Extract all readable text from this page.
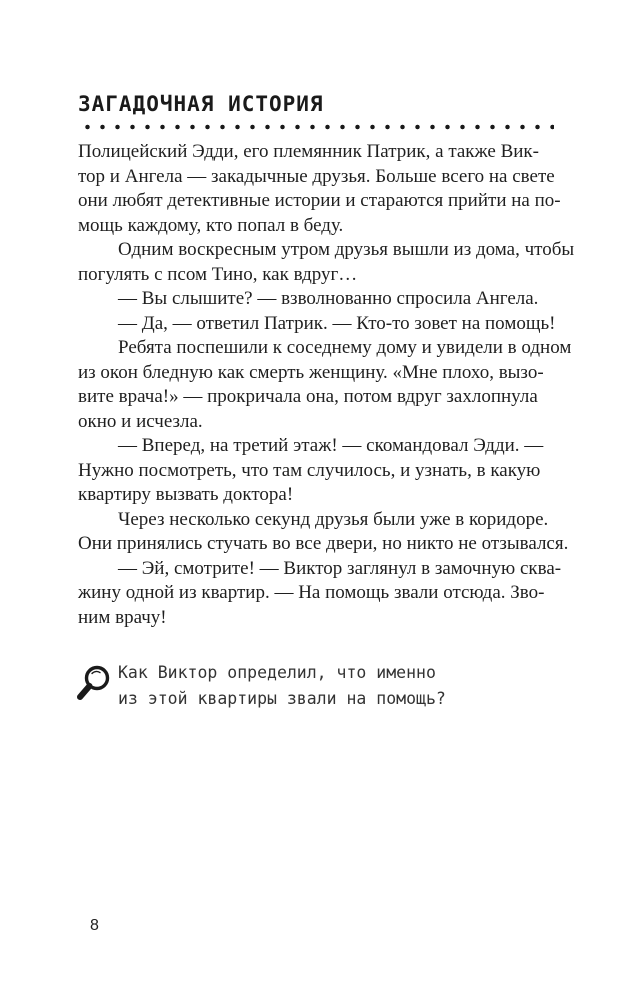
ЗАГАДОЧНАЯ ИСТОРИЯ
Полицейский Эдди, его племянник Патрик, а также Вик-
тор и Ангела — закадычные друзья. Больше всего на свете
они любят детективные истории и стараются прийти на по-
мощь каждому, кто попал в беду.
Одним воскресным утром друзья вышли из дома, чтобы
погулять с псом Тино, как вдруг…
— Вы слышите? — взволнованно спросила Ангела.
— Да, — ответил Патрик. — Кто-то зовет на помощь!
Ребята поспешили к соседнему дому и увидели в одном
из окон бледную как смерть женщину. «Мне плохо, вызо-
вите врача!» — прокричала она, потом вдруг захлопнула
окно и исчезла.
— Вперед, на третий этаж! — скомандовал Эдди. —
Нужно посмотреть, что там случилось, и узнать, в какую
квартиру вызвать доктора!
Через несколько секунд друзья были уже в коридоре.
Они принялись стучать во все двери, но никто не отзывался.
— Эй, смотрите! — Виктор заглянул в замочную сква-
жину одной из квартир. — На помощь звали отсюда. Зво-
ним врачу!
Как Виктор определил, что именно
из этой квартиры звали на помощь?
8
